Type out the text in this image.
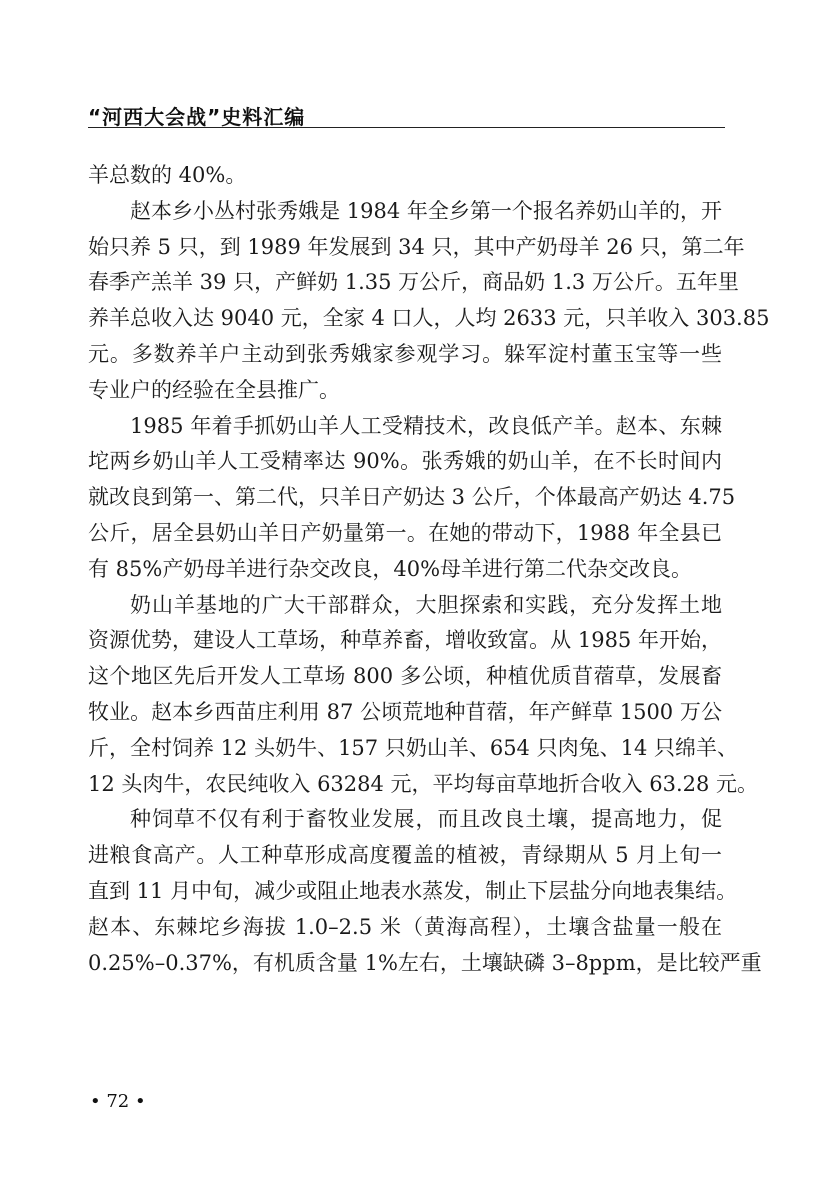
“河西大会战”史料汇编
羊总数的 40%。
赵本乡小丛村张秀娥是 1984 年全乡第一个报名养奶山羊的，开
始只养 5 只，到 1989 年发展到 34 只，其中产奶母羊 26 只，第二年
春季产羔羊 39 只，产鲜奶 1.35 万公斤，商品奶 1.3 万公斤。五年里
养羊总收入达 9040 元，全家 4 口人，人均 2633 元，只羊收入 303.85
元。多数养羊户主动到张秀娥家参观学习。躲军淀村董玉宝等一些
专业户的经验在全县推广。
1985 年着手抓奶山羊人工受精技术，改良低产羊。赵本、东棘
坨两乡奶山羊人工受精率达 90%。张秀娥的奶山羊，在不长时间内
就改良到第一、第二代，只羊日产奶达 3 公斤，个体最高产奶达 4.75
公斤，居全县奶山羊日产奶量第一。在她的带动下，1988 年全县已
有 85%产奶母羊进行杂交改良，40%母羊进行第二代杂交改良。
奶山羊基地的广大干部群众，大胆探索和实践，充分发挥土地
资源优势，建设人工草场，种草养畜，增收致富。从 1985 年开始，
这个地区先后开发人工草场 800 多公顷，种植优质苜蓿草，发展畜
牧业。赵本乡西苗庄利用 87 公顷荒地种苜蓿，年产鲜草 1500 万公
斤，全村饲养 12 头奶牛、157 只奶山羊、654 只肉兔、14 只绵羊、
12 头肉牛，农民纯收入 63284 元，平均每亩草地折合收入 63.28 元。
种饲草不仅有利于畜牧业发展，而且改良土壤，提高地力，促
进粮食高产。人工种草形成高度覆盖的植被，青绿期从 5 月上旬一
直到 11 月中旬，减少或阻止地表水蒸发，制止下层盐分向地表集结。
赵本、东棘坨乡海拔 1.0–2.5 米（黄海高程），土壤含盐量一般在
0.25%–0.37%，有机质含量 1%左右，土壤缺磷 3–8ppm，是比较严重
• 72 •
